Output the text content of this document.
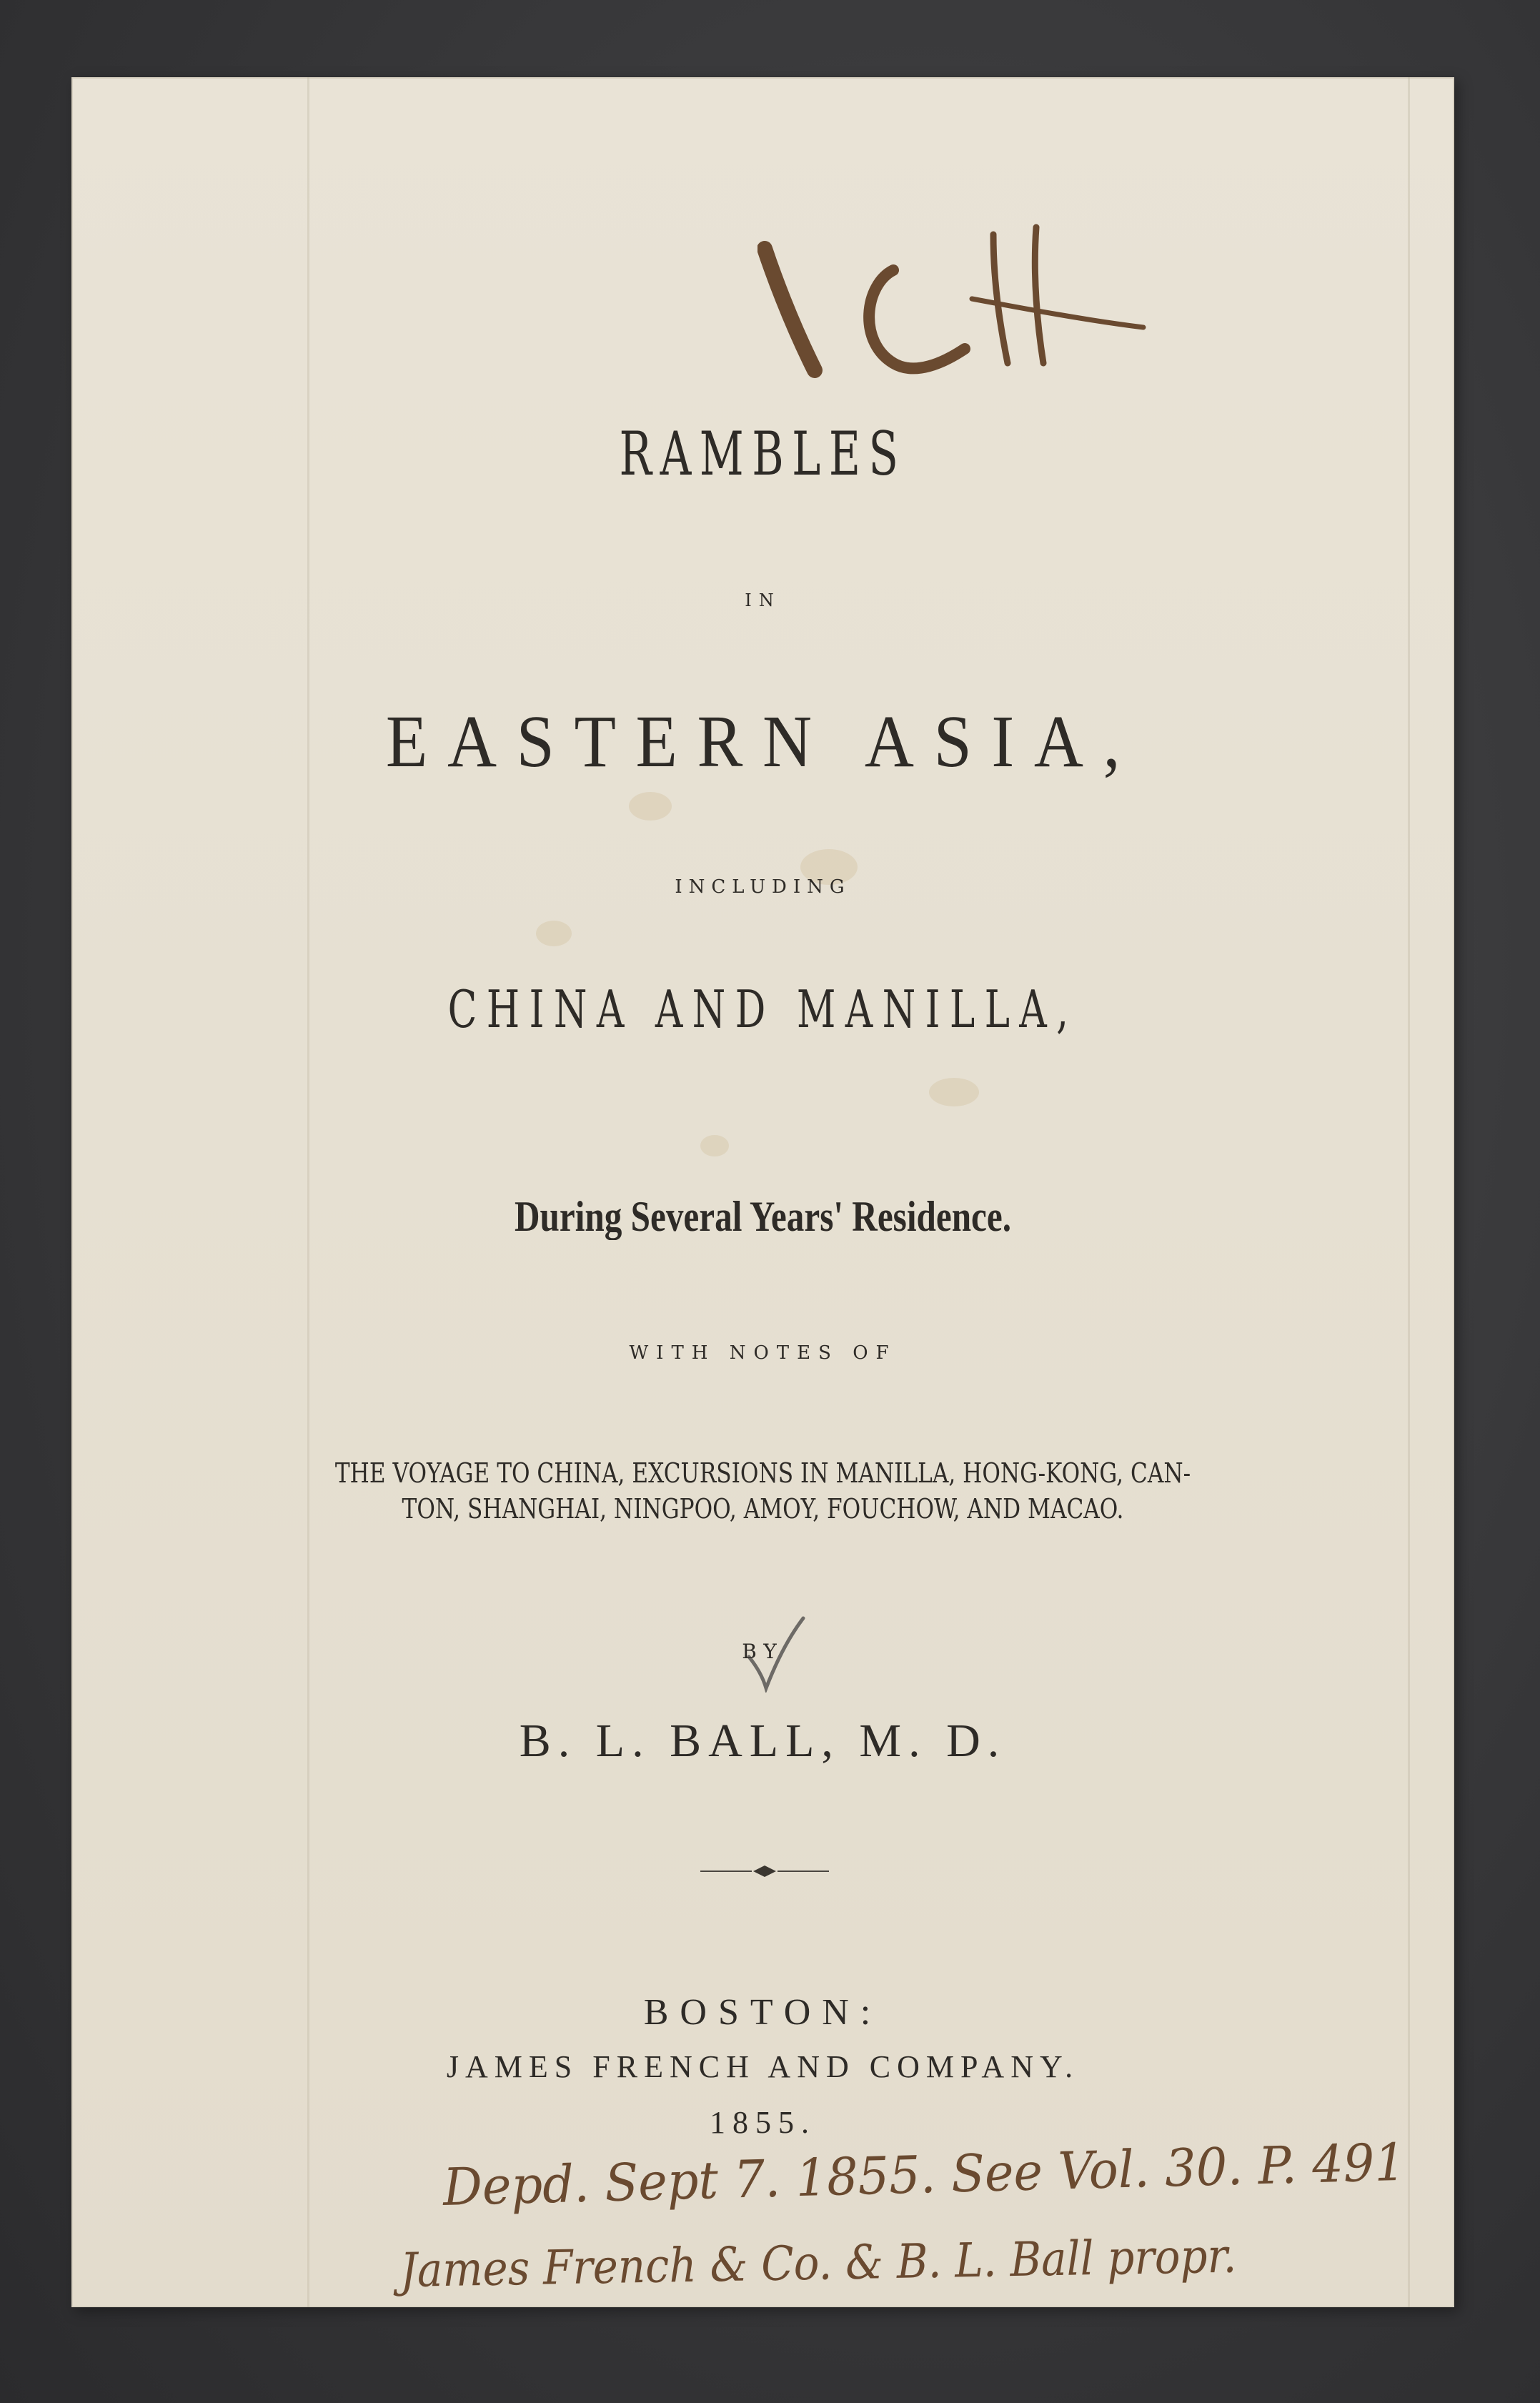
RAMBLES
IN
EASTERN ASIA,
INCLUDING
CHINA AND MANILLA,
During Several Years' Residence.
WITH NOTES OF
THE VOYAGE TO CHINA, EXCURSIONS IN MANILLA, HONG-KONG, CAN-
TON, SHANGHAI, NINGPOO, AMOY, FOUCHOW, AND MACAO.
BY
B. L. BALL, M. D.
BOSTON:
JAMES FRENCH AND COMPANY.
1855.
Depd. Sept 7. 1855. See Vol. 30. P. 491
James French & Co. & B. L. Ball propr.
